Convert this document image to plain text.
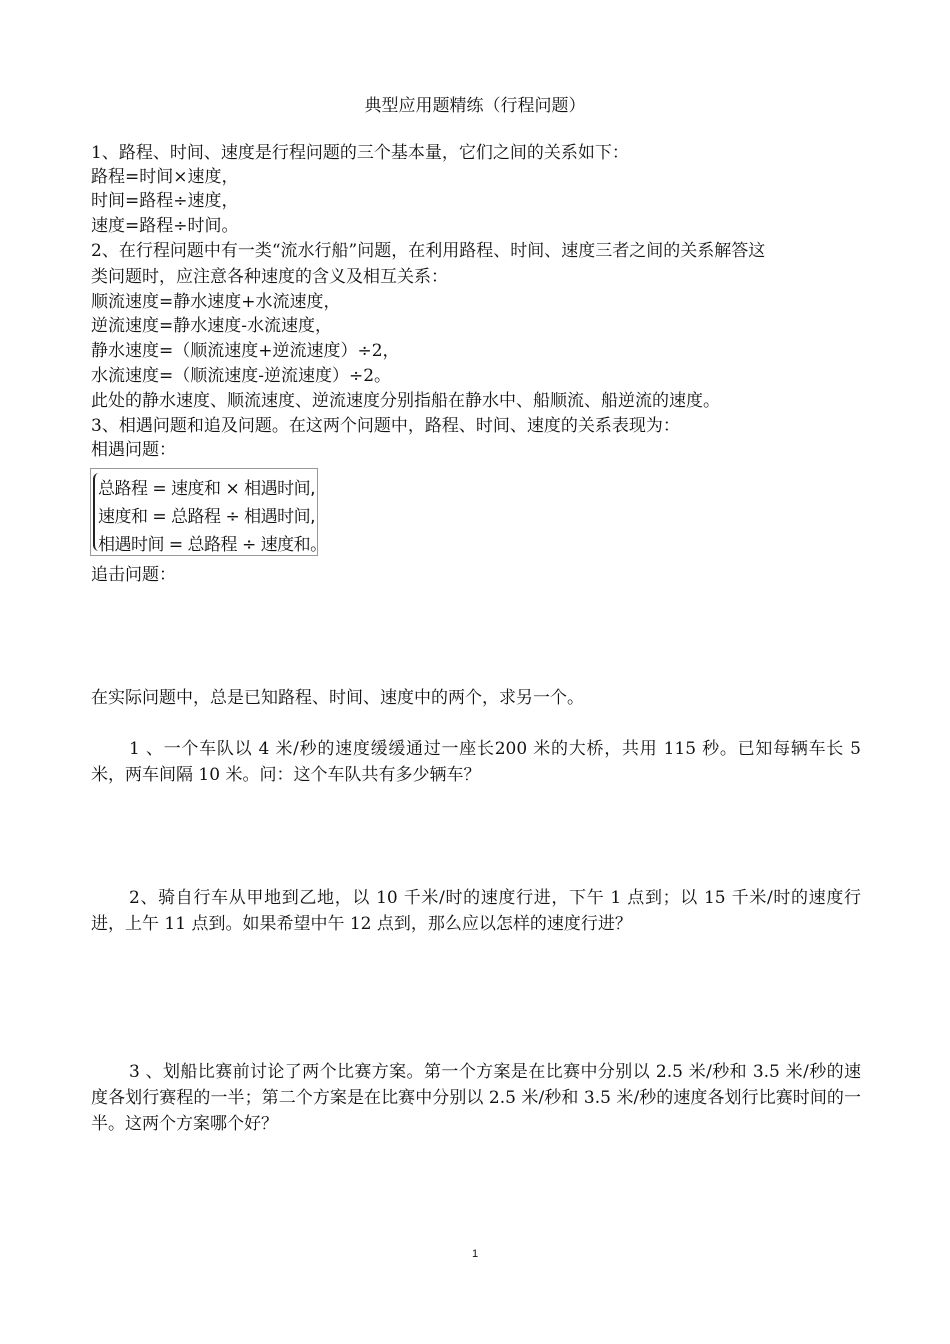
典型应用题精练（行程问题）
1、路程、时间、速度是行程问题的三个基本量，它们之间的关系如下：
路程=时间×速度，
时间=路程÷速度，
速度=路程÷时间。
2、在行程问题中有一类“流水行船”问题，在利用路程、时间、速度三者之间的关系解答这
类问题时，应注意各种速度的含义及相互关系：
顺流速度=静水速度+水流速度，
逆流速度=静水速度-水流速度，
静水速度=（顺流速度+逆流速度）÷2，
水流速度=（顺流速度-逆流速度）÷2。
此处的静水速度、顺流速度、逆流速度分别指船在静水中、船顺流、船逆流的速度。
3、相遇问题和追及问题。在这两个问题中，路程、时间、速度的关系表现为：
相遇问题：
总路程 = 速度和 × 相遇时间,
速度和 = 总路程 ÷ 相遇时间,
相遇时间 = 总路程 ÷ 速度和。
追击问题：
在实际问题中，总是已知路程、时间、速度中的两个，求另一个。
1 、一个车队以 4 米/秒的速度缓缓通过一座长200 米的大桥，共用 115 秒。已知每辆车长 5 米，两车间隔 10 米。问：这个车队共有多少辆车？
2、骑自行车从甲地到乙地，以 10 千米/时的速度行进，下午 1 点到；以 15 千米/时的速度行进，上午 11 点到。如果希望中午 12 点到，那么应以怎样的速度行进？
3 、划船比赛前讨论了两个比赛方案。第一个方案是在比赛中分别以 2.5 米/秒和 3.5 米/秒的速度各划行赛程的一半；第二个方案是在比赛中分别以 2.5 米/秒和 3.5 米/秒的速度各划行比赛时间的一半。这两个方案哪个好？
1
